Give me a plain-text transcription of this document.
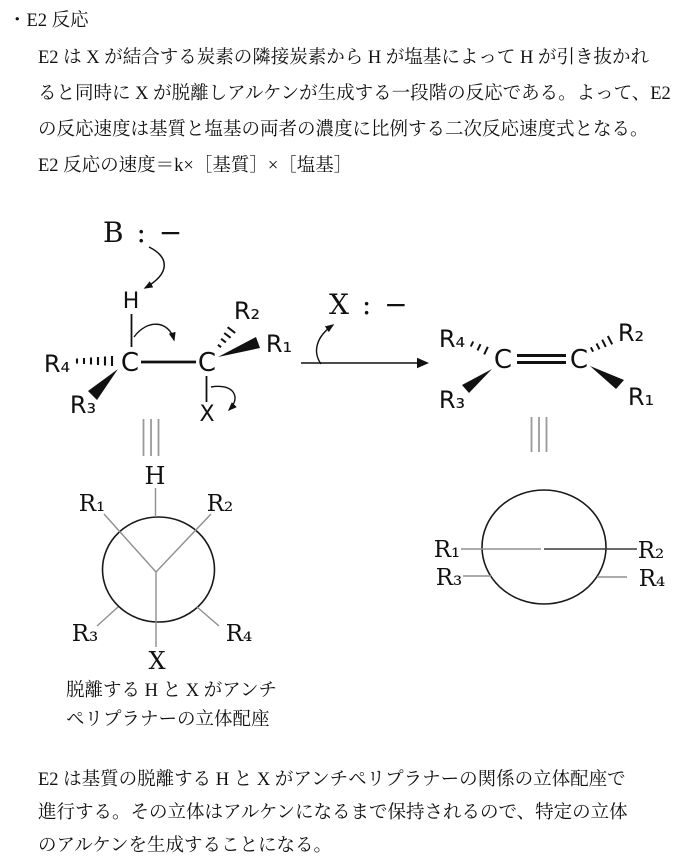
・E2 反応
E2 は X が結合する炭素の隣接炭素から H が塩基によって H が引き抜かれ
ると同時に X が脱離しアルケンが生成する一段階の反応である。よって、E2
の反応速度は基質と塩基の両者の濃度に比例する二次反応速度式となる。
E2 反応の速度＝k×［基質］×［塩基］
B : −
H
C C
R₄
R₃
R₂
R₁
X
X : −
C C
R₄
R₃
R₂
R₁
H
R₁	R₂
R₃	R₄
X
R₁
R₃
R₂
R₄
脱離する H と X がアンチ
ペリプラナーの立体配座
E2 は基質の脱離する H と X がアンチペリプラナーの関係の立体配座で
進行する。その立体はアルケンになるまで保持されるので、特定の立体
のアルケンを生成することになる。
